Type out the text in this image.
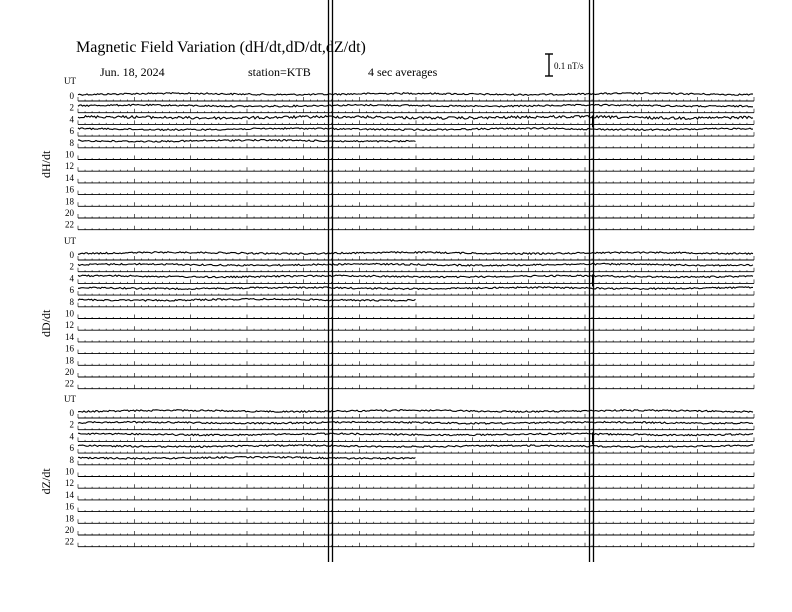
Magnetic Field Variation (dH/dt,dD/dt,dZ/dt)
Jun. 18, 2024	station=KTB	4 sec averages	0.1 nT/s
UT
dH/dt
0
2
4
6
8
10
12
14
16
18
20
22
UT
dD/dt
0
2
4
6
8
10
12
14
16
18
20
22
UT
dZ/dt
0
2
4
6
8
10
12
14
16
18
20
22
